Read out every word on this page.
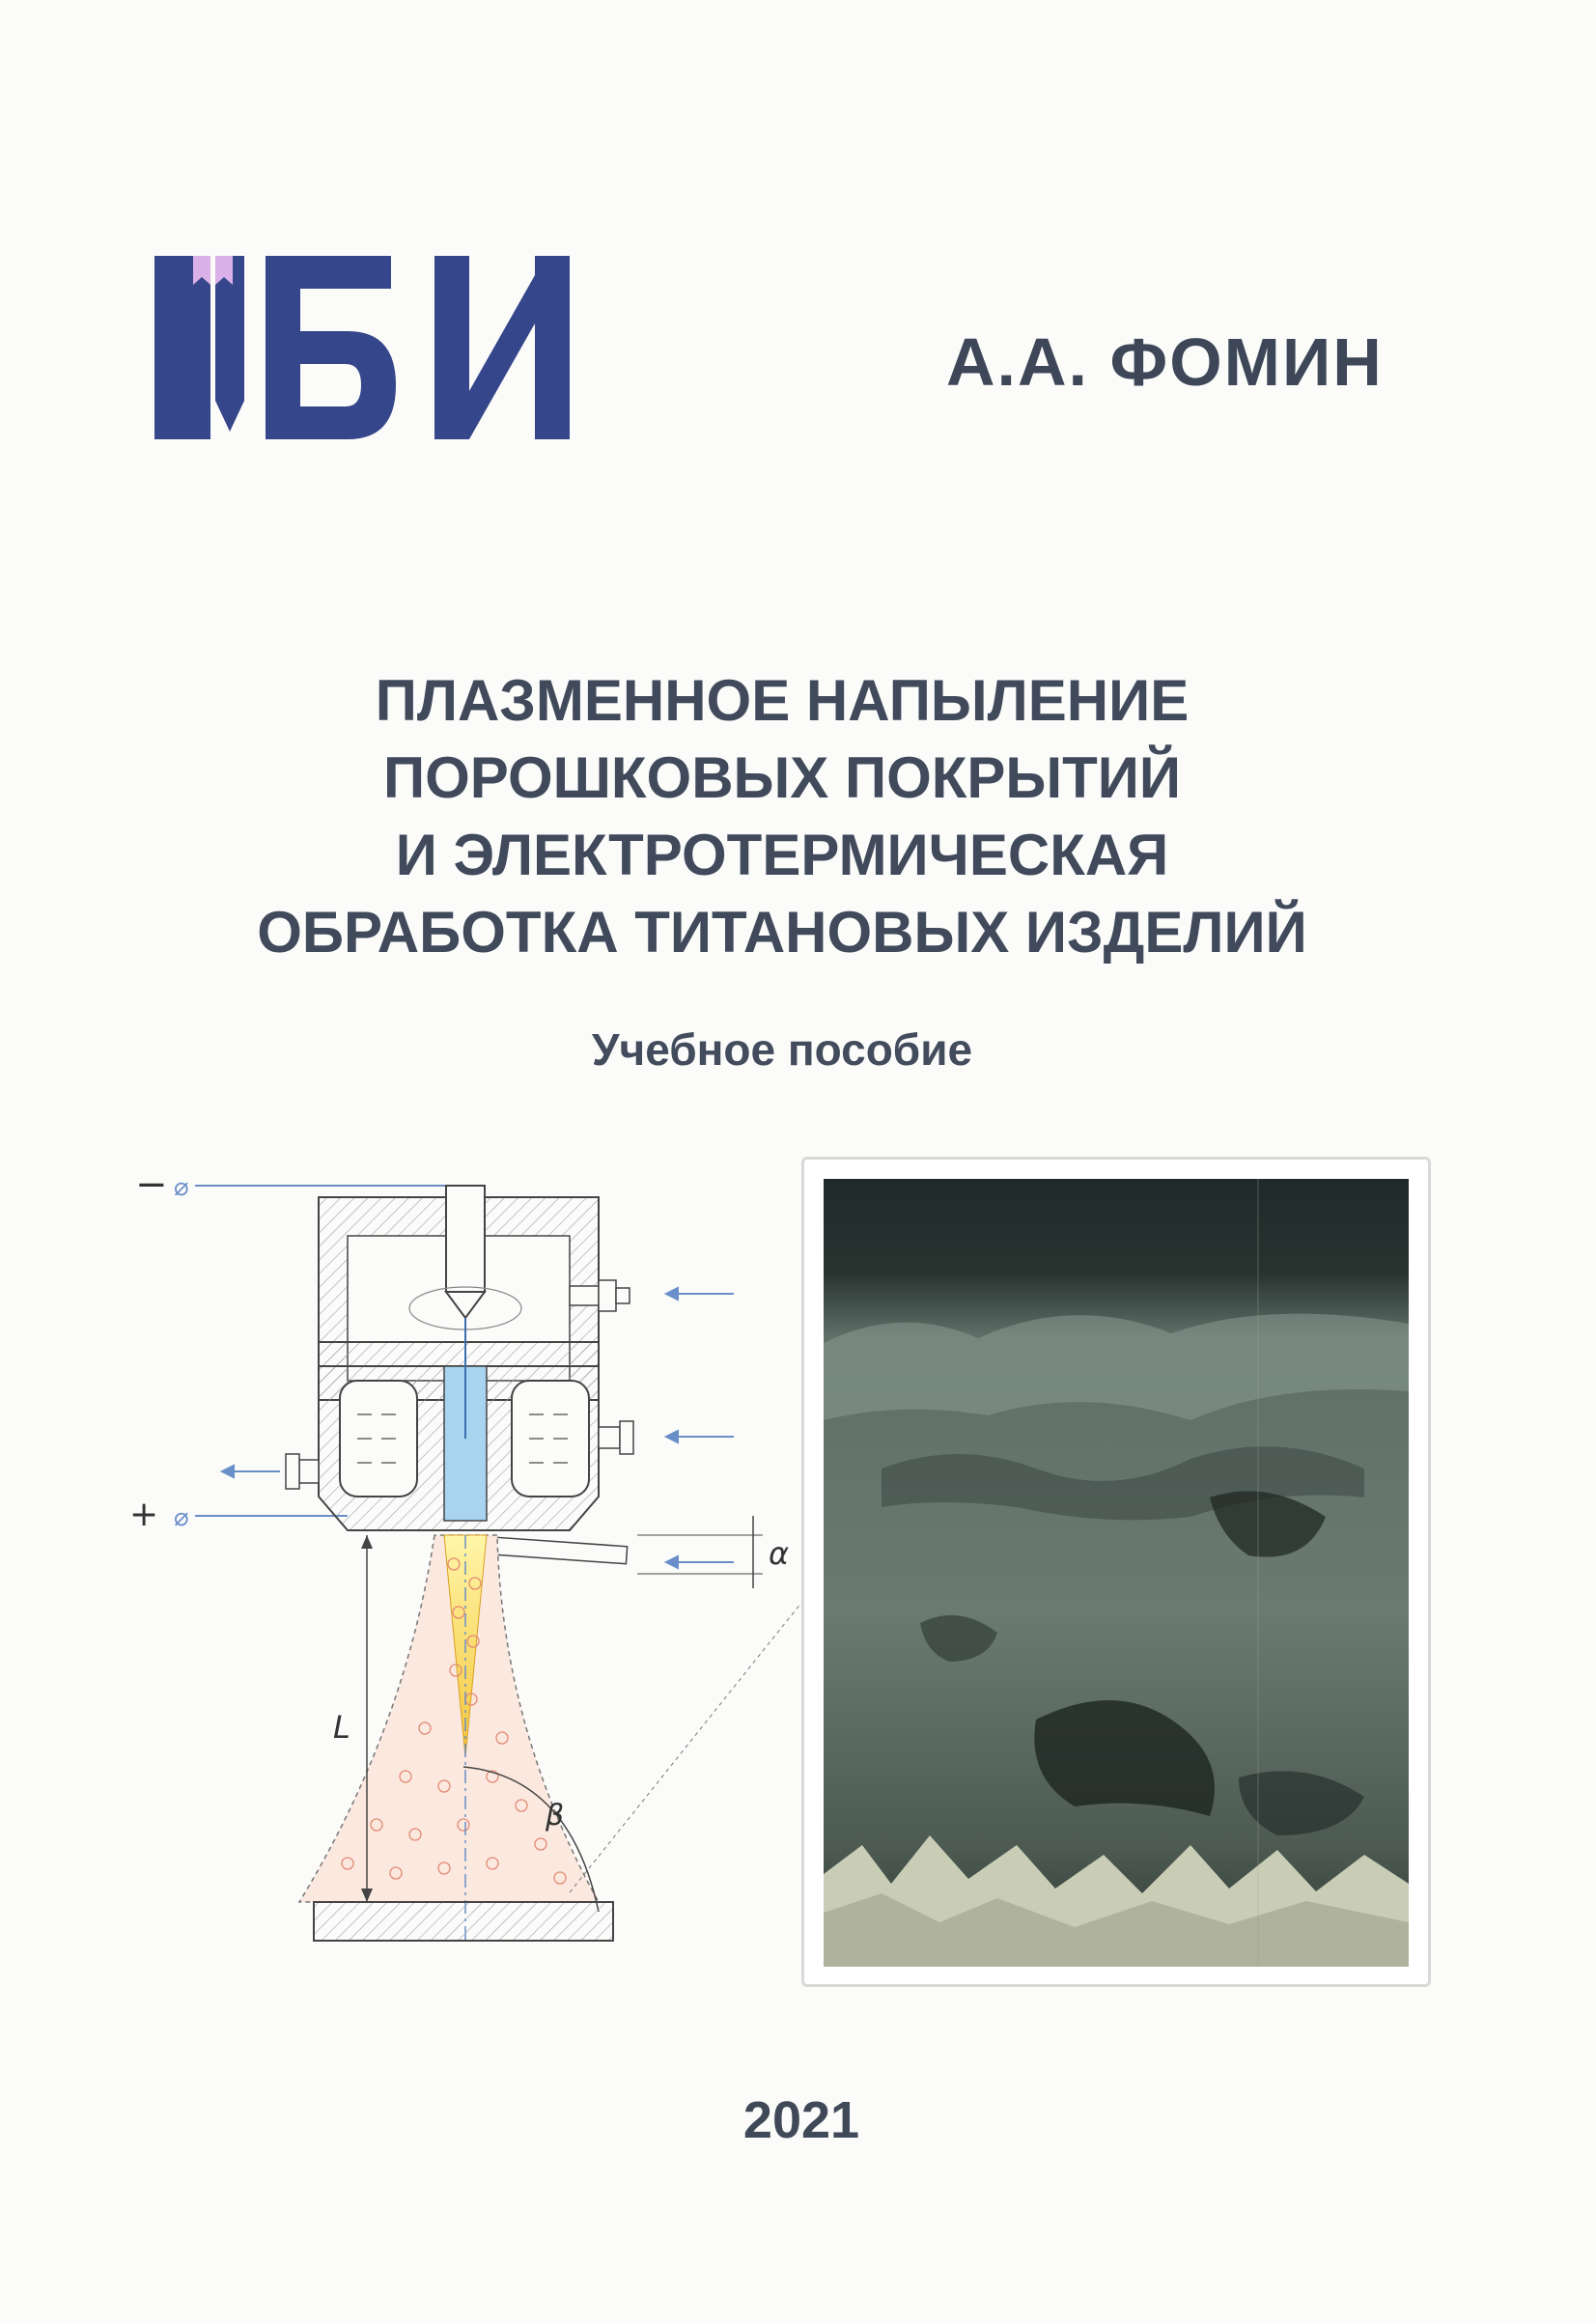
А.А. ФОМИН
ПЛАЗМЕННОЕ НАПЫЛЕНИЕ
ПОРОШКОВЫХ ПОКРЫТИЙ
И ЭЛЕКТРОТЕРМИЧЕСКАЯ
ОБРАБОТКА ТИТАНОВЫХ ИЗДЕЛИЙ
Учебное пособие
− ⌀
+ ⌀
α
L
β
2021
